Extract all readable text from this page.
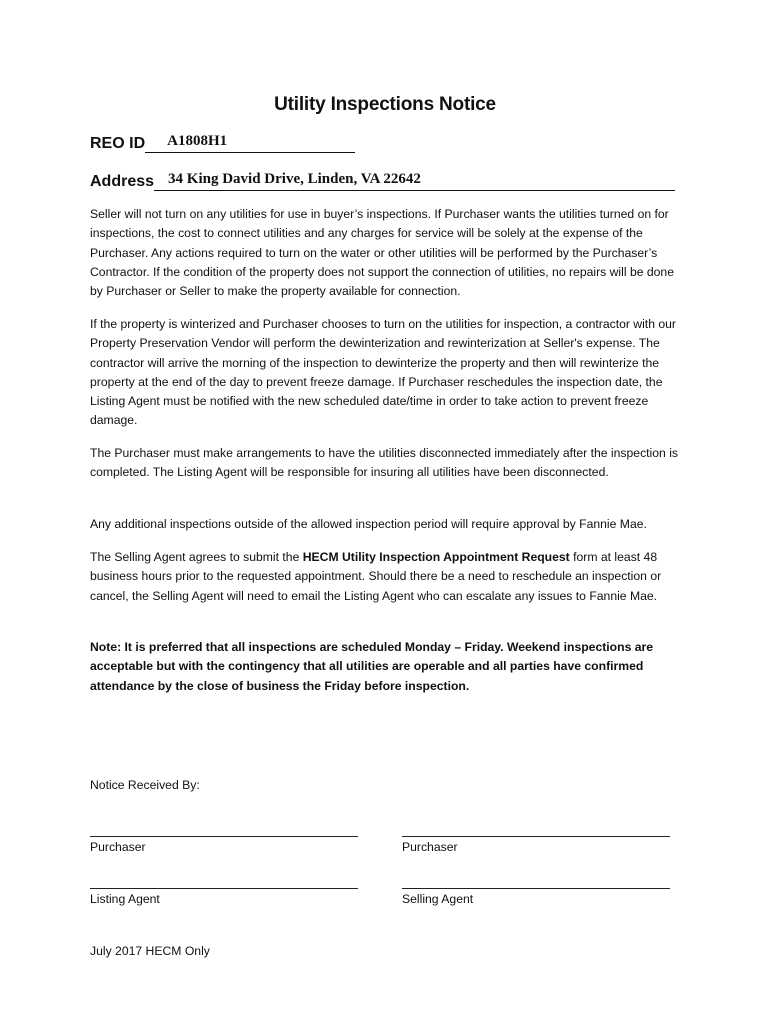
Utility Inspections Notice
REO ID A1808H1
Address 34 King David Drive, Linden, VA 22642

Seller will not turn on any utilities for use in buyer’s inspections. If Purchaser wants the utilities turned on for inspections, the cost to connect utilities and any charges for service will be solely at the expense of the Purchaser. Any actions required to turn on the water or other utilities will be performed by the Purchaser’s Contractor. If the condition of the property does not support the connection of utilities, no repairs will be done by Purchaser or Seller to make the property available for connection.

If the property is winterized and Purchaser chooses to turn on the utilities for inspection, a contractor with our Property Preservation Vendor will perform the dewinterization and rewinterization at Seller's expense. The contractor will arrive the morning of the inspection to dewinterize the property and then will rewinterize the property at the end of the day to prevent freeze damage. If Purchaser reschedules the inspection date, the Listing Agent must be notified with the new scheduled date/time in order to take action to prevent freeze damage.

The Purchaser must make arrangements to have the utilities disconnected immediately after the inspection is completed. The Listing Agent will be responsible for insuring all utilities have been disconnected.

Any additional inspections outside of the allowed inspection period will require approval by Fannie Mae.

The Selling Agent agrees to submit the HECM Utility Inspection Appointment Request form at least 48 business hours prior to the requested appointment. Should there be a need to reschedule an inspection or cancel, the Selling Agent will need to email the Listing Agent who can escalate any issues to Fannie Mae.

Note: It is preferred that all inspections are scheduled Monday – Friday. Weekend inspections are acceptable but with the contingency that all utilities are operable and all parties have confirmed attendance by the close of business the Friday before inspection.

Notice Received By:
Purchaser	Purchaser
Listing Agent	Selling Agent
July 2017 HECM Only
